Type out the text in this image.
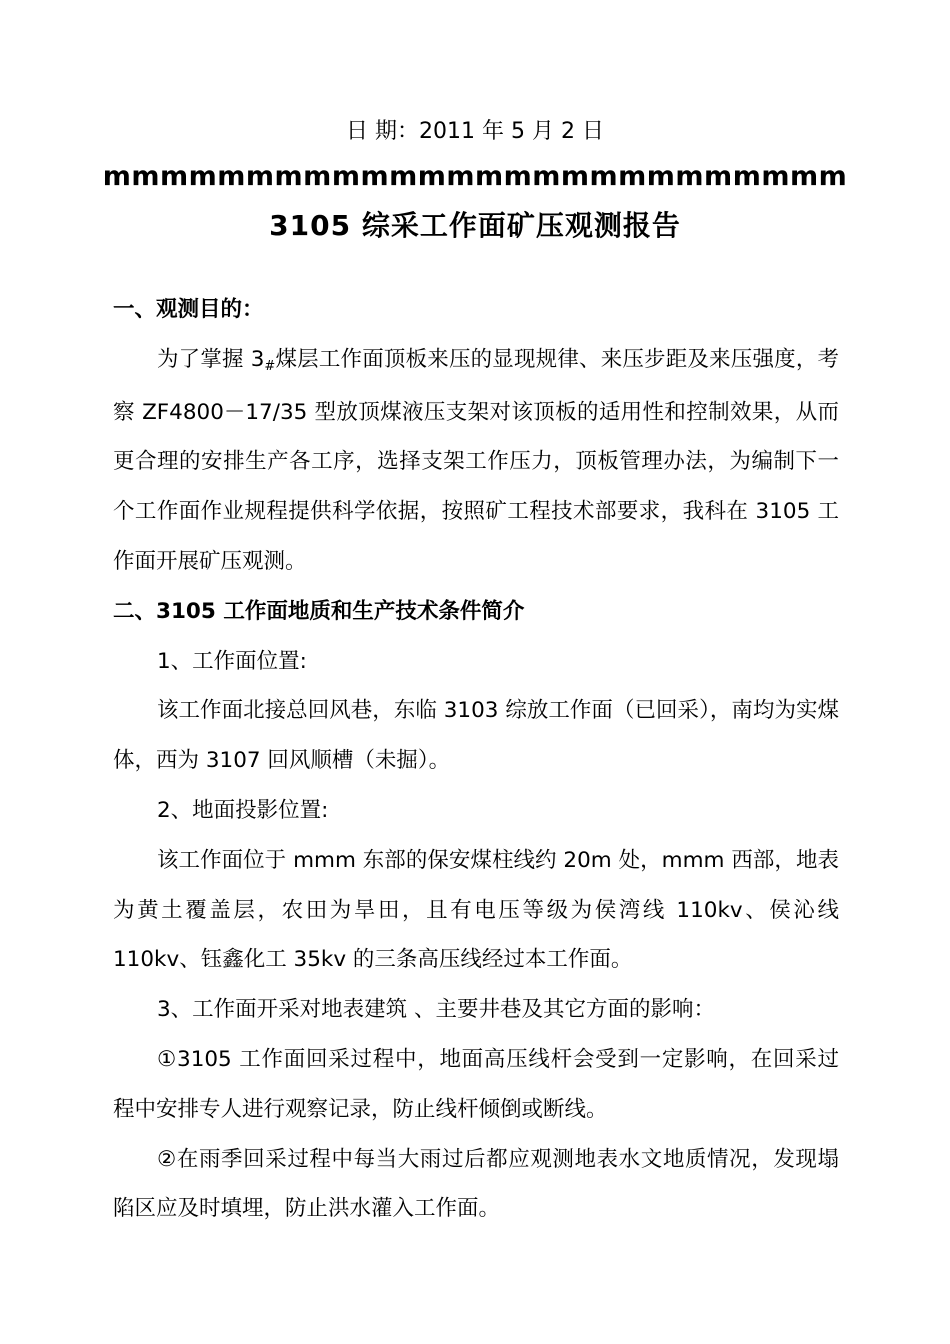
日 期：2011 年 5 月 2 日
mmmmmmmmmmmmmmmmmmmmmmmmmm
3105 综采工作面矿压观测报告

一、观测目的：

为了掌握 3#煤层工作面顶板来压的显现规律、来压步距及来压强度，考察 ZF4800－17/35 型放顶煤液压支架对该顶板的适用性和控制效果，从而更合理的安排生产各工序，选择支架工作压力，顶板管理办法，为编制下一个工作面作业规程提供科学依据，按照矿工程技术部要求，我科在 3105 工作面开展矿压观测。

二、3105 工作面地质和生产技术条件简介

1、工作面位置:

该工作面北接总回风巷，东临 3103 综放工作面（已回采），南均为实煤体，西为 3107 回风顺槽（未掘）。

2、地面投影位置:

该工作面位于 mmm 东部的保安煤柱线约 20m 处，mmm 西部，地表为黄土覆盖层，农田为旱田，且有电压等级为侯湾线 110kv、侯沁线 110kv、钰鑫化工 35kv 的三条高压线经过本工作面。

3、工作面开采对地表建筑 、主要井巷及其它方面的影响：

①3105 工作面回采过程中，地面高压线杆会受到一定影响，在回采过程中安排专人进行观察记录，防止线杆倾倒或断线。

②在雨季回采过程中每当大雨过后都应观测地表水文地质情况，发现塌陷区应及时填埋，防止洪水灌入工作面。
